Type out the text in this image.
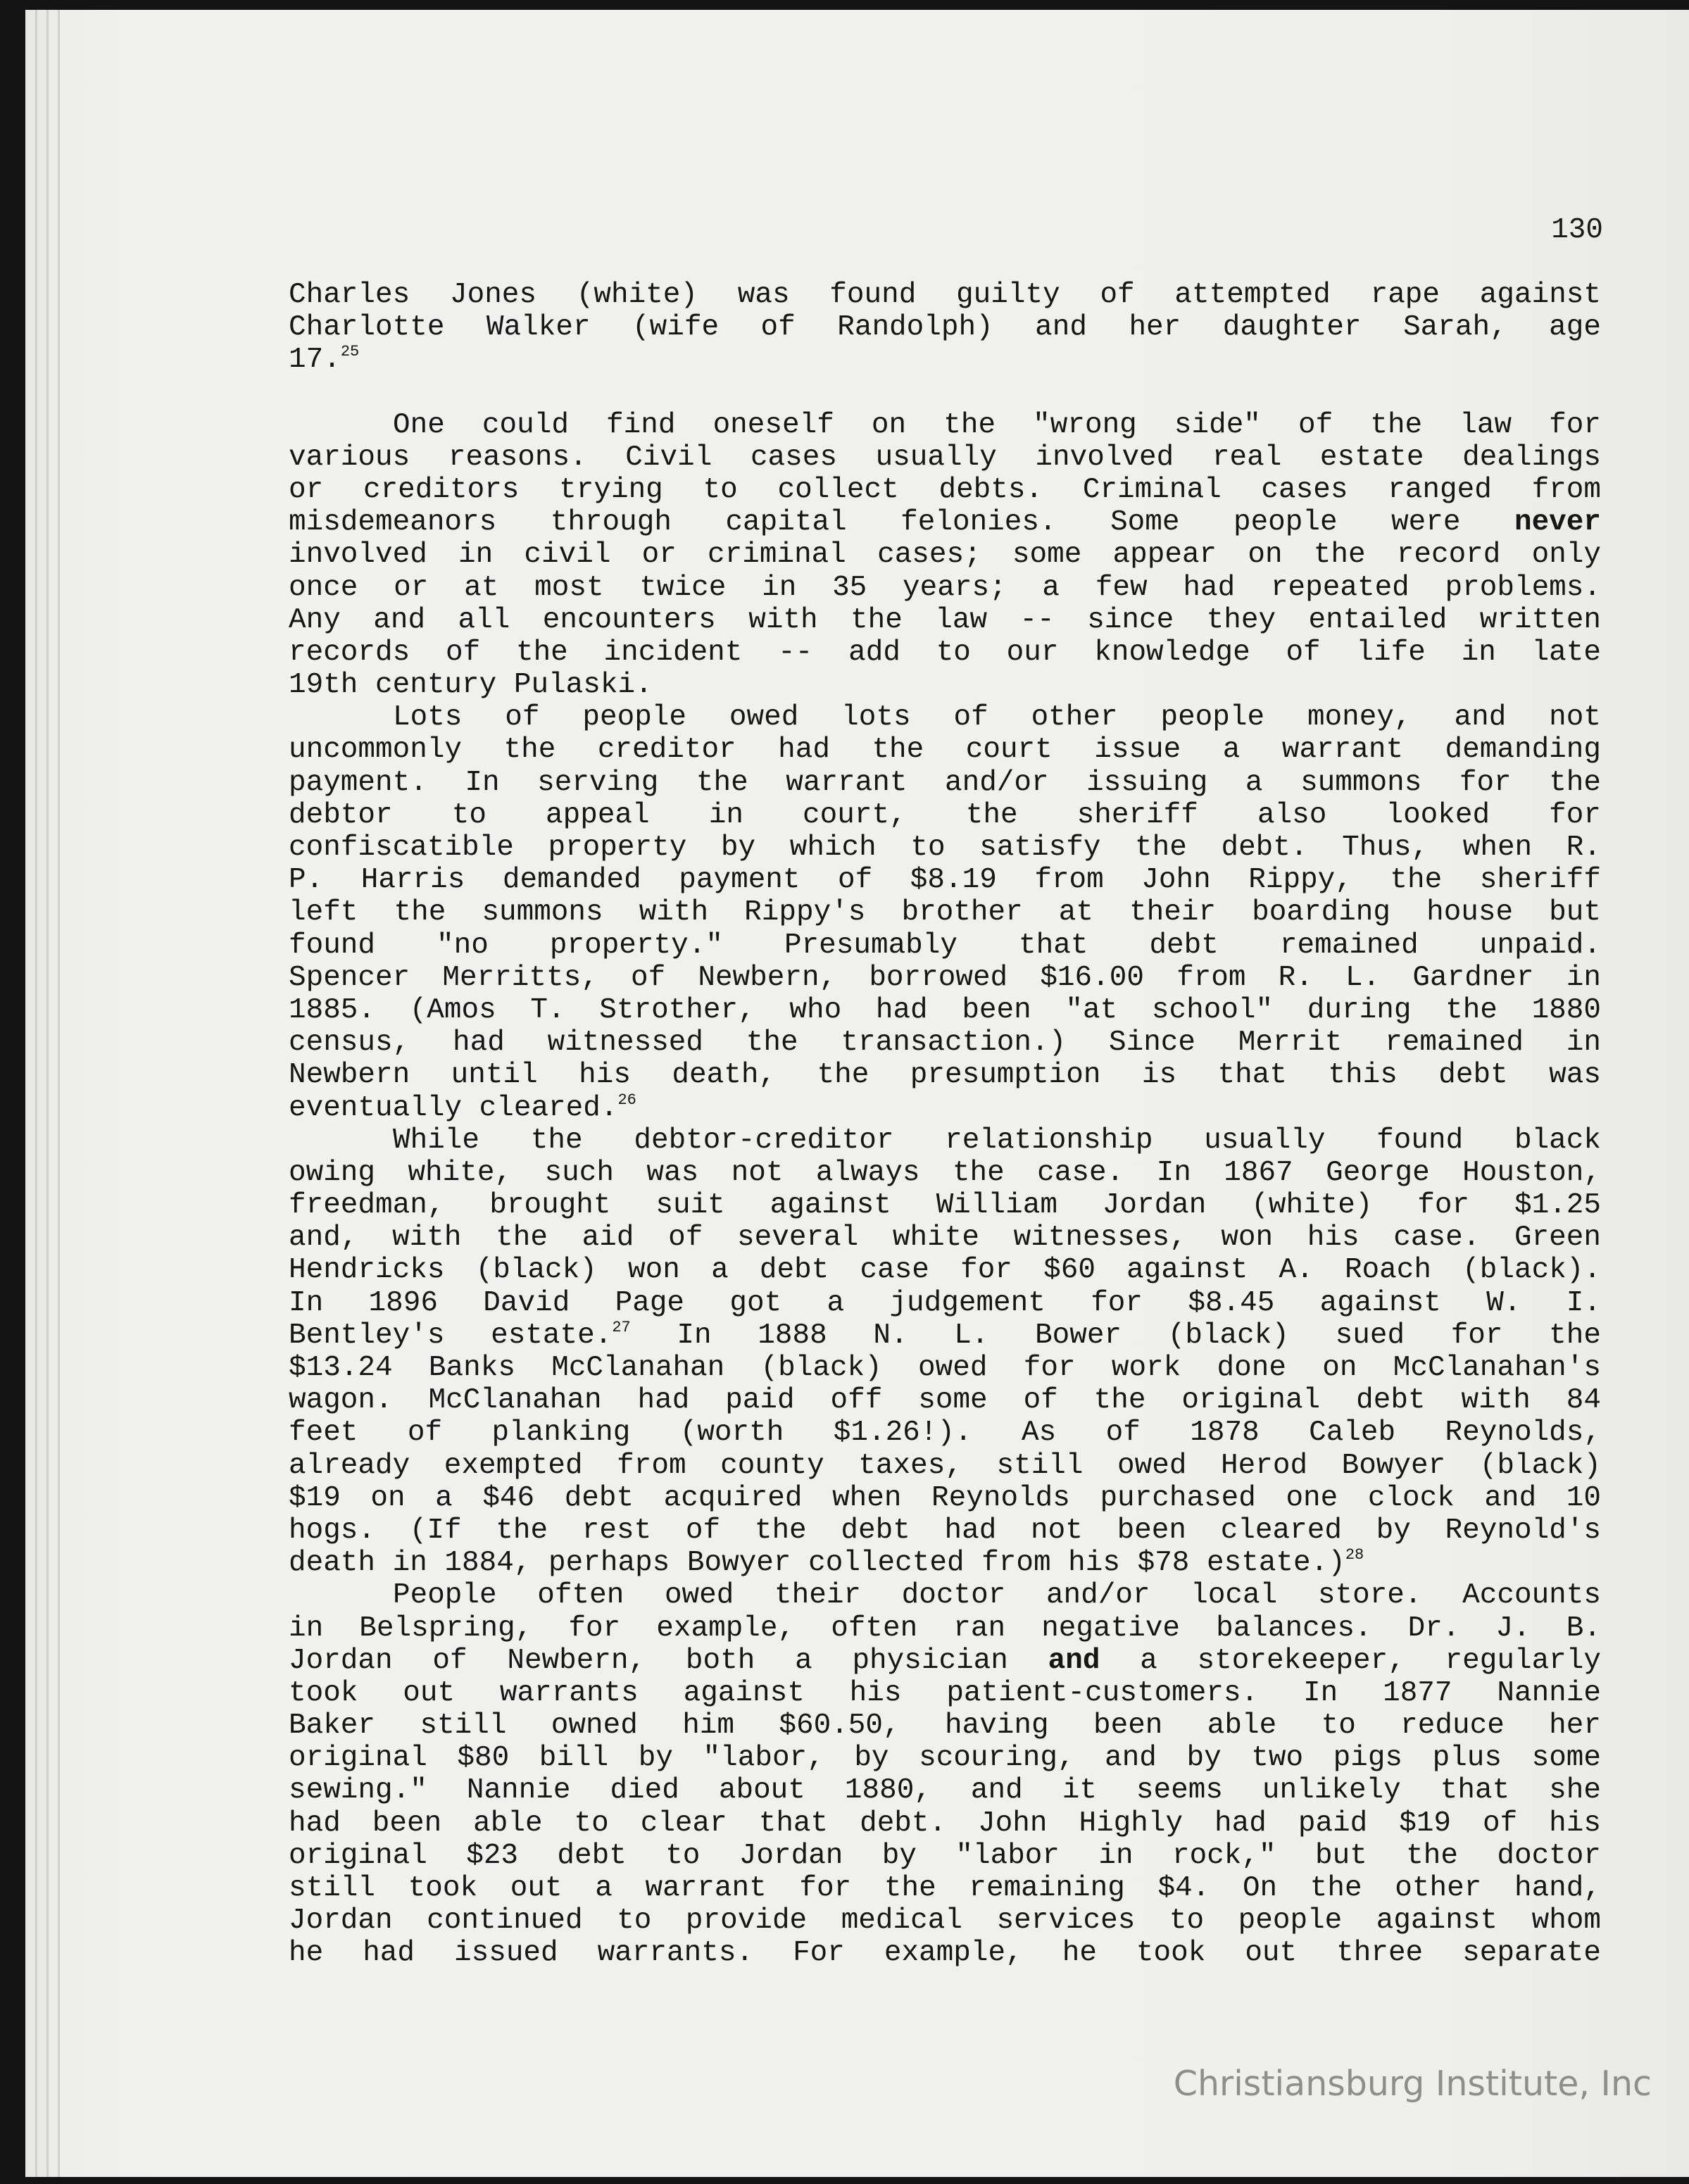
130
Charles Jones (white) was found guilty of attempted rape against
Charlotte Walker (wife of Randolph) and her daughter Sarah, age
17.25
One could find oneself on the "wrong side" of the law for
various reasons. Civil cases usually involved real estate dealings
or creditors trying to collect debts. Criminal cases ranged from
misdemeanors through capital felonies. Some people were never
involved in civil or criminal cases; some appear on the record only
once or at most twice in 35 years; a few had repeated problems.
Any and all encounters with the law -- since they entailed written
records of the incident -- add to our knowledge of life in late
19th century Pulaski.
Lots of people owed lots of other people money, and not
uncommonly the creditor had the court issue a warrant demanding
payment. In serving the warrant and/or issuing a summons for the
debtor to appeal in court, the sheriff also looked for
confiscatible property by which to satisfy the debt. Thus, when R.
P. Harris demanded payment of $8.19 from John Rippy, the sheriff
left the summons with Rippy's brother at their boarding house but
found "no property." Presumably that debt remained unpaid.
Spencer Merritts, of Newbern, borrowed $16.00 from R. L. Gardner in
1885. (Amos T. Strother, who had been "at school" during the 1880
census, had witnessed the transaction.) Since Merrit remained in
Newbern until his death, the presumption is that this debt was
eventually cleared.$^{26}$
While the debtor-creditor relationship usually found black
owing white, such was not always the case. In 1867 George Houston,
freedman, brought suit against William Jordan (white) for $1.25
and, with the aid of several white witnesses, won his case. Green
Hendricks (black) won a debt case for $60 against A. Roach (black).
In 1896 David Page got a judgement for $8.45 against W. I.
Bentley's estate.$^{27}$ In 1888 N. L. Bower (black) sued for the
$13.24 Banks McClanahan (black) owed for work done on McClanahan's
wagon. McClanahan had paid off some of the original debt with 84
feet of planking (worth $1.26!). As of 1878 Caleb Reynolds,
already exempted from county taxes, still owed Herod Bowyer (black)
$19 on a $46 debt acquired when Reynolds purchased one clock and 10
hogs. (If the rest of the debt had not been cleared by Reynold's
death in 1884, perhaps Bowyer collected from his $78 estate.)$^{28}$
People often owed their doctor and/or local store. Accounts
in Belspring, for example, often ran negative balances. Dr. J. B.
Jordan of Newbern, both a physician and a storekeeper, regularly
took out warrants against his patient-customers. In 1877 Nannie
Baker still owned him $60.50, having been able to reduce her
original $80 bill by "labor, by scouring, and by two pigs plus some
sewing." Nannie died about 1880, and it seems unlikely that she
had been able to clear that debt. John Highly had paid $19 of his
original $23 debt to Jordan by "labor in rock," but the doctor
still took out a warrant for the remaining $4. On the other hand,
Jordan continued to provide medical services to people against whom
he had issued warrants. For example, he took out three separate
Christiansburg Institute, Inc
